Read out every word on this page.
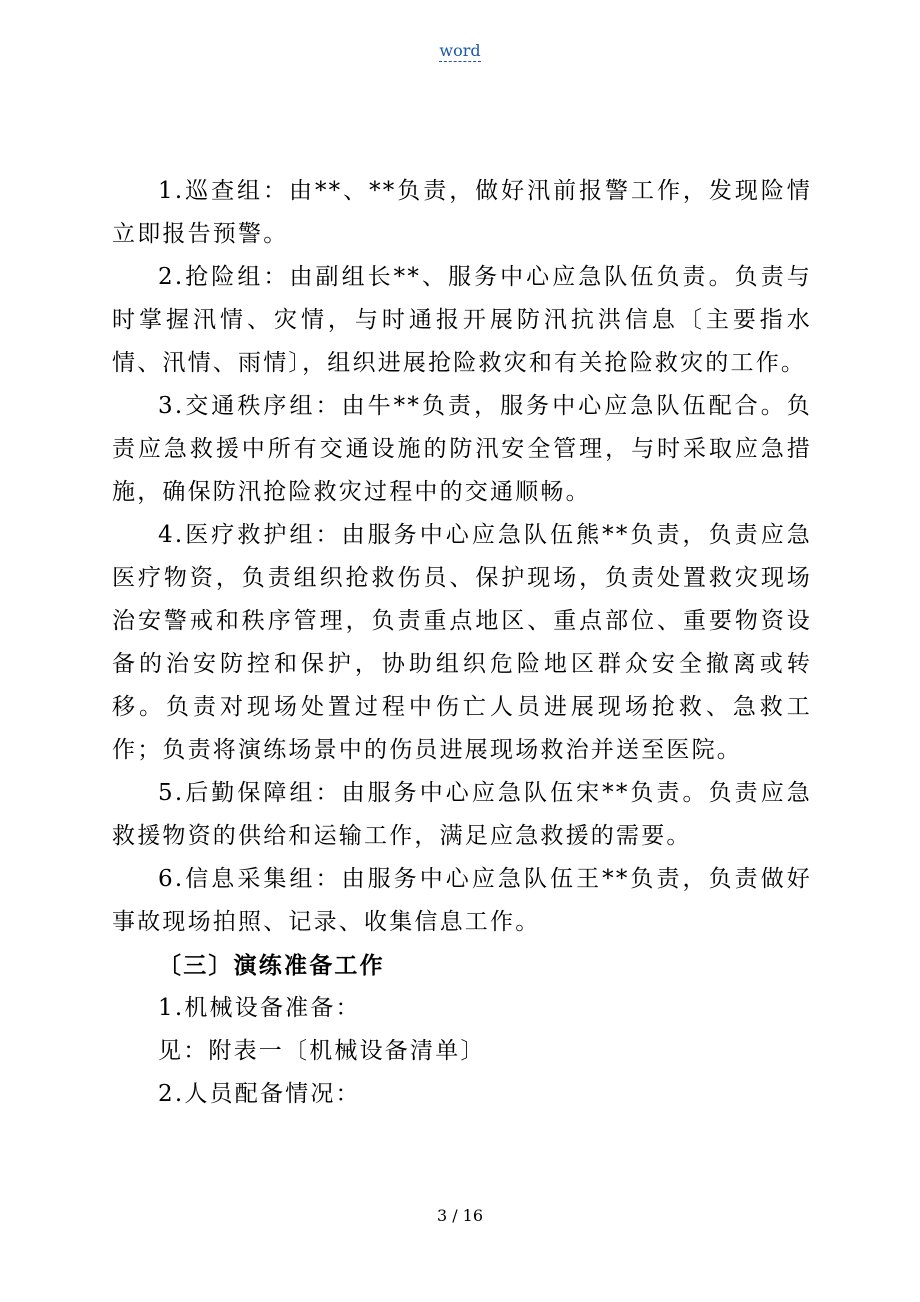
word

1.巡查组：由**、**负责，做好汛前报警工作，发现险情立即报告预警。

2.抢险组：由副组长**、服务中心应急队伍负责。负责与时掌握汛情、灾情，与时通报开展防汛抗洪信息〔主要指水情、汛情、雨情〕，组织进展抢险救灾和有关抢险救灾的工作。

3.交通秩序组：由牛**负责，服务中心应急队伍配合。负责应急救援中所有交通设施的防汛安全管理，与时采取应急措施，确保防汛抢险救灾过程中的交通顺畅。

4.医疗救护组：由服务中心应急队伍熊**负责，负责应急医疗物资，负责组织抢救伤员、保护现场，负责处置救灾现场治安警戒和秩序管理，负责重点地区、重点部位、重要物资设备的治安防控和保护，协助组织危险地区群众安全撤离或转移。负责对现场处置过程中伤亡人员进展现场抢救、急救工作；负责将演练场景中的伤员进展现场救治并送至医院。

5.后勤保障组：由服务中心应急队伍宋**负责。负责应急救援物资的供给和运输工作，满足应急救援的需要。

6.信息采集组：由服务中心应急队伍王**负责，负责做好事故现场拍照、记录、收集信息工作。

〔三〕演练准备工作

1.机械设备准备：

见：附表一〔机械设备清单〕

2.人员配备情况：

3 / 16
